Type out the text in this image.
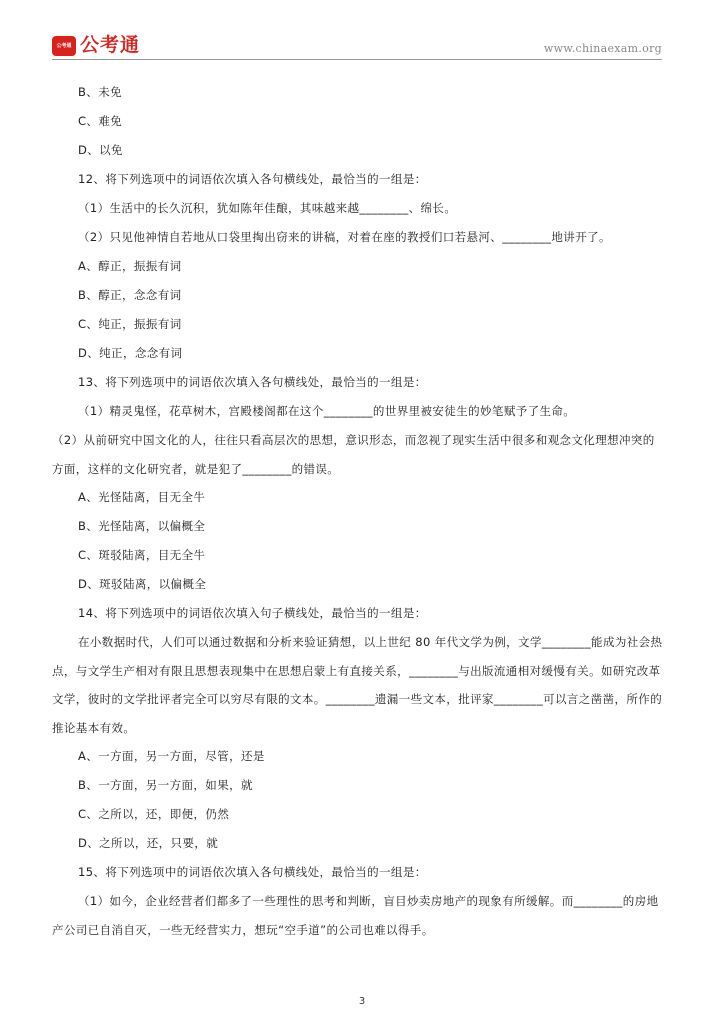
公考通 公考通	www.chinaexam.org
B、未免
C、难免
D、以免
12、将下列选项中的词语依次填入各句横线处，最恰当的一组是：
（1）生活中的长久沉积，犹如陈年佳酿，其味越来越________、绵长。
（2）只见他神情自若地从口袋里掏出窃来的讲稿，对着在座的教授们口若悬河、________地讲开了。
A、醇正，振振有词
B、醇正，念念有词
C、纯正，振振有词
D、纯正，念念有词
13、将下列选项中的词语依次填入各句横线处，最恰当的一组是：
（1）精灵鬼怪，花草树木，宫殿楼阁都在这个________的世界里被安徒生的妙笔赋予了生命。
（2）从前研究中国文化的人，往往只看高层次的思想，意识形态，而忽视了现实生活中很多和观念文化理想冲突的方面，这样的文化研究者，就是犯了________的错误。
A、光怪陆离，目无全牛
B、光怪陆离，以偏概全
C、斑驳陆离，目无全牛
D、斑驳陆离，以偏概全
14、将下列选项中的词语依次填入句子横线处，最恰当的一组是：
在小数据时代，人们可以通过数据和分析来验证猜想，以上世纪 80 年代文学为例，文学________能成为社会热点，与文学生产相对有限且思想表现集中在思想启蒙上有直接关系，________与出版流通相对缓慢有关。如研究改革文学，彼时的文学批评者完全可以穷尽有限的文本。________遗漏一些文本，批评家________可以言之凿凿，所作的推论基本有效。
A、一方面，另一方面，尽管，还是
B、一方面，另一方面，如果，就
C、之所以，还，即便，仍然
D、之所以，还，只要，就
15、将下列选项中的词语依次填入各句横线处，最恰当的一组是：
（1）如今，企业经营者们都多了一些理性的思考和判断，盲目炒卖房地产的现象有所缓解。而________的房地产公司已自消自灭，一些无经营实力，想玩“空手道”的公司也难以得手。
3
